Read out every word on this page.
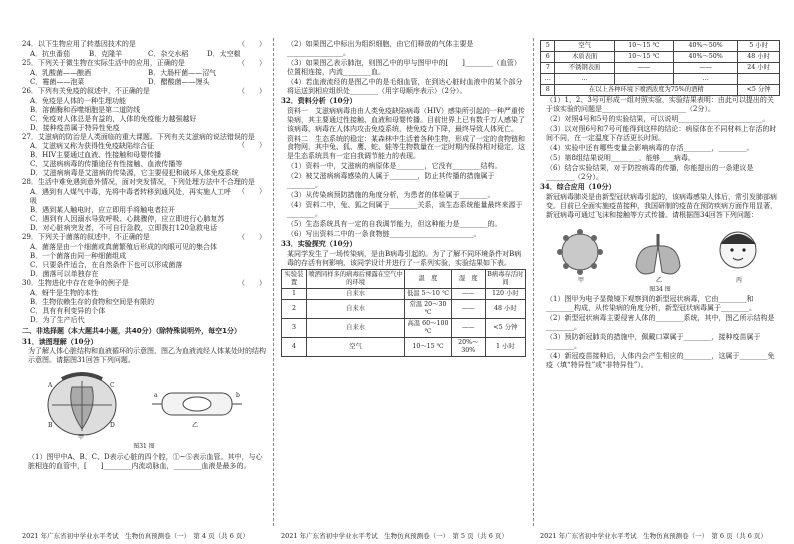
24．以下生物应用了转基因技术的是	（　　）

A．抗虫番茄	B．克隆羊	C．杂交水稻	D．太空椒

25．下列关于微生物在实际生活中的应用，正确的是	（　　）

A．乳酸菌——酿酒	B．大肠杆菌——沼气
C．霉菌——泡菜	D．醋酸菌——馒头

26．下列有关免疫的叙述中，不正确的是	（　　）

A．免疫是人体的一种生理功能
B．溶菌酶和吞噬细胞是第二道防线
C．免疫对人体总是有益的，人体的免疫能力越强越好
D．接种疫苗属于特异性免疫

27．艾滋病的防治是人类面临的重大课题。下列有关艾滋病的说法错误的是
（　　）

A．艾滋病又称为获得性免疫缺陷综合征
B．HIV主要通过血液、性接触和母婴传播
C．艾滋病病毒的传播途径有性接触、血液传播等
D．艾滋病病毒是艾滋病的传染源，它主要侵犯和破坏人体免疫系统

28．生活中难免遇到意外情况，面对突发情况，下列处理方法中不合理的是
（　　）

A．遇到有人煤气中毒，先将中毒者转移到通风处，再实施人工呼吸
B．遇到某人触电时，应立即用手将触电者拉开
C．遇到有人因溺水导致呼吸、心跳骤停，应立即进行心肺复苏
D．对心脏病突发者，不可自行急救，立即拨打120急救电话

29．下列关于菌落的叙述中，不正确的是	（　　）

A．菌落是由一个细菌或真菌繁殖后形成的肉眼可见的集合体
B．一个菌落由同一种细菌组成
C．只要条件适合，在自然条件下也可以形成菌落
D．菌落可以单独存在

30．生物进化中存在竞争的例子是	（　　）

A．蚜牛是生物的本性
B．生物依赖生存的食物和空间是有限的
C．具有有利变异的个体
D．为了生产后代

二、非选择题（本大题共4小题，共40分）（除特殊说明外，每空1分）

31．读图理解（10分）

为了解人体心脏结构和血液循环的示意图，图乙为血液流经人体某处时的结构示意图。请据图31回答下列问题。

A	C
B	D
a	b
乙
甲

图31 图

（1）图甲中A、B、C、D表示心脏的四个腔，①~⑤表示血管。其中，与心脏相连的血管中，[　　]________内流动脉血，________血液是最多的。

（2）如果图乙中标出为组织细胞，由它们释放的气体主要是________________。

（3）如果图乙表示肺泡，则图乙中的甲与图甲中的[　　]________（血管）位置相连接，内流________血。

（4）若血液流经的是图乙中的是毛细血管，在到达心脏时血液中的某个部分将运送到相应组织处________（用字母顺序表示）（2分）。

32．资料分析（10分）

资料一　艾滋病病毒由由人类免疫缺陷病毒（HIV）感染所引起的一种严重传染病，其主要通过性接触、血液和母婴传播。目前世界上已有数千万人感染了该病毒，病毒在人体内攻击免疫系统，使免疫力下降，最终导致人体死亡。

资料二　生态系统的稳定：某森林中生活着各种生物，形成了一定的食物链和食物网，其中兔、狐、鹰、蛇、蛙等生物数量在一定时期内保持相对稳定，这是生态系统具有一定自我调节能力的表现。

（1）资料一中，艾滋病的病原体是________，它没有________结构。

（2）被艾滋病病毒感染的人属于________，防止其传播的措施属于________。

（3）从传染病预防措施的角度分析，为患者的体检属于________。

（4）资料二中，兔、狐之间属于________关系，该生态系统能量最终来源于________。

（5）生态系统具有一定的自我调节能力，但这种能力是________的。

（6）写出资料二中的一条食物链________________________。

33．实验探究（10分）

某同学发生了一场传染病，是由B病毒引起的。为了了解不同环境条件对B病毒的存活有何影响，该同学设计并进行了一系列实验，实验结果如下表。

实验装置	喷洒同样多的病毒后裸露在空气中的环境	温　度	湿　度	B病毒存活时间
1	自来水	低温 5～10 ℃	——	120 小时
2	自来水	常温 20～30 ℃	——	48 小时
3	自来水	高温 60～100 ℃	——	<5 分钟
4	空气	10～15 ℃	20%～30%	1 小时
5	空气	10～15 ℃	40%～50%	5 小时
6	木质表面	10～15 ℃	40%～50%	48 小时
7	不锈钢表面	——	——	24 小时
…	…		…	
8	在以上各种环境下喷洒浓度为75%的酒精			<5 分钟

（1）1、2、3号可形成一组对照实验，实验结果表明：由此可以提出的关于该实验的问题是________________________（2分）。

（2）对照4号和5号的实验结果，可以说明________________________。

（3）以对照6号和7号可能得到这样的结论：病原体在不同材料上存活的时间不同，在一定温度下存活更长时间。

（4）实验中还有哪些变量会影响病毒的存活________，________。

（5）第8组结果说明________，能够____病毒。

（6）结合实验结果，对于防控病毒的传播，你能提出的一条建议是________（2分）。

34．综合应用（10分）

新冠病毒肺炎是由新型冠状病毒引起的，该病毒感染人体后，常引发肺部病变。目前已全面实施疫苗接种，我国研制的疫苗在预防疾病方面作用显著，新冠病毒可通过飞沫和接触等方式传播。请根据图34回答下列问题：

甲	乙	丙

图34 图

（1）图甲为电子显微镜下观察到的新型冠状病毒，它由________和________构成，从传染病的角度分析，新型冠状病毒属于________。

（2）新型冠状病毒主要侵害人体的________系统，其中，图乙所示结构是________。

（3）预防新冠肺炎的措施中，佩戴口罩属于________，接种疫苗属于________。

（4）新冠疫苗接种后，人体内会产生相应的________，这属于________免疫（填“特异性”或“非特异性”）。

2021 年广东省初中学业水平考试　生物仿真预测卷（一）　第 4 页（共 6 页）	2021 年广东省初中学业水平考试　生物仿真预测卷（一）　第 5 页（共 6 页）	2021 年广东省初中学业水平考试　生物仿真预测卷（一）　第 6 页（共 6 页）
